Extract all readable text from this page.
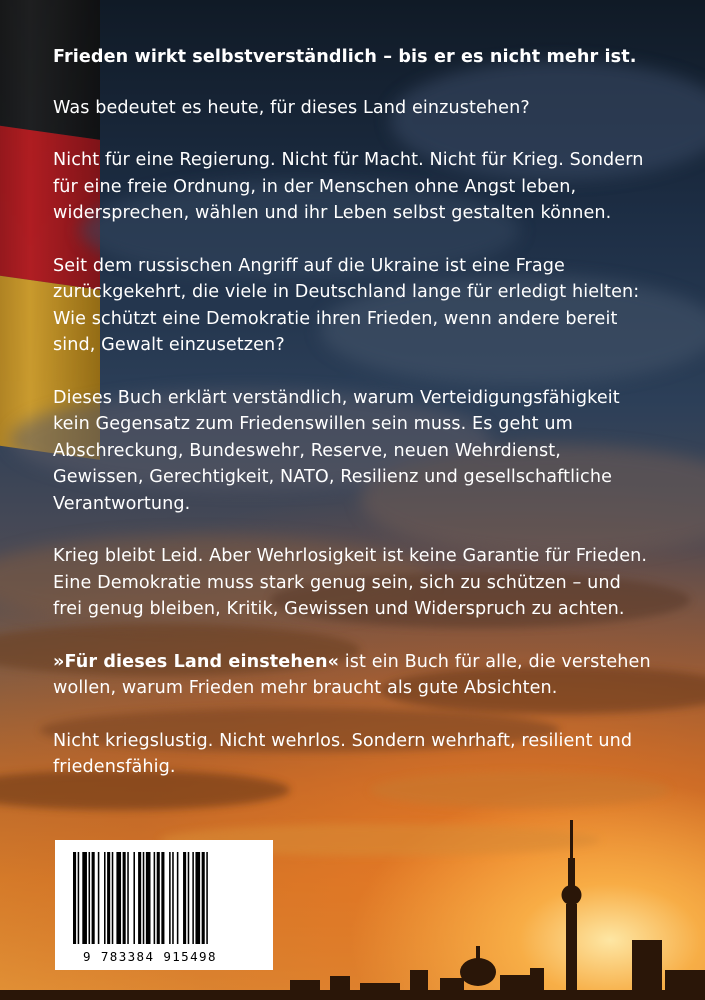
Frieden wirkt selbstverständlich – bis er es nicht mehr ist.

Was bedeutet es heute, für dieses Land einzustehen?

Nicht für eine Regierung. Nicht für Macht. Nicht für Krieg. Sondern für eine freie Ordnung, in der Menschen ohne Angst leben, widersprechen, wählen und ihr Leben selbst gestalten können.

Seit dem russischen Angriff auf die Ukraine ist eine Frage zurückgekehrt, die viele in Deutschland lange für erledigt hielten: Wie schützt eine Demokratie ihren Frieden, wenn andere bereit sind, Gewalt einzusetzen?

Dieses Buch erklärt verständlich, warum Verteidigungsfähigkeit kein Gegensatz zum Friedenswillen sein muss. Es geht um Abschreckung, Bundeswehr, Reserve, neuen Wehrdienst, Gewissen, Gerechtigkeit, NATO, Resilienz und gesellschaftliche Verantwortung.

Krieg bleibt Leid. Aber Wehrlosigkeit ist keine Garantie für Frieden. Eine Demokratie muss stark genug sein, sich zu schützen – und frei genug bleiben, Kritik, Gewissen und Widerspruch zu achten.

»Für dieses Land einstehen« ist ein Buch für alle, die verstehen wollen, warum Frieden mehr braucht als gute Absichten.

Nicht kriegslustig. Nicht wehrlos. Sondern wehrhaft, resilient und friedensfähig.

9 783384 915498
